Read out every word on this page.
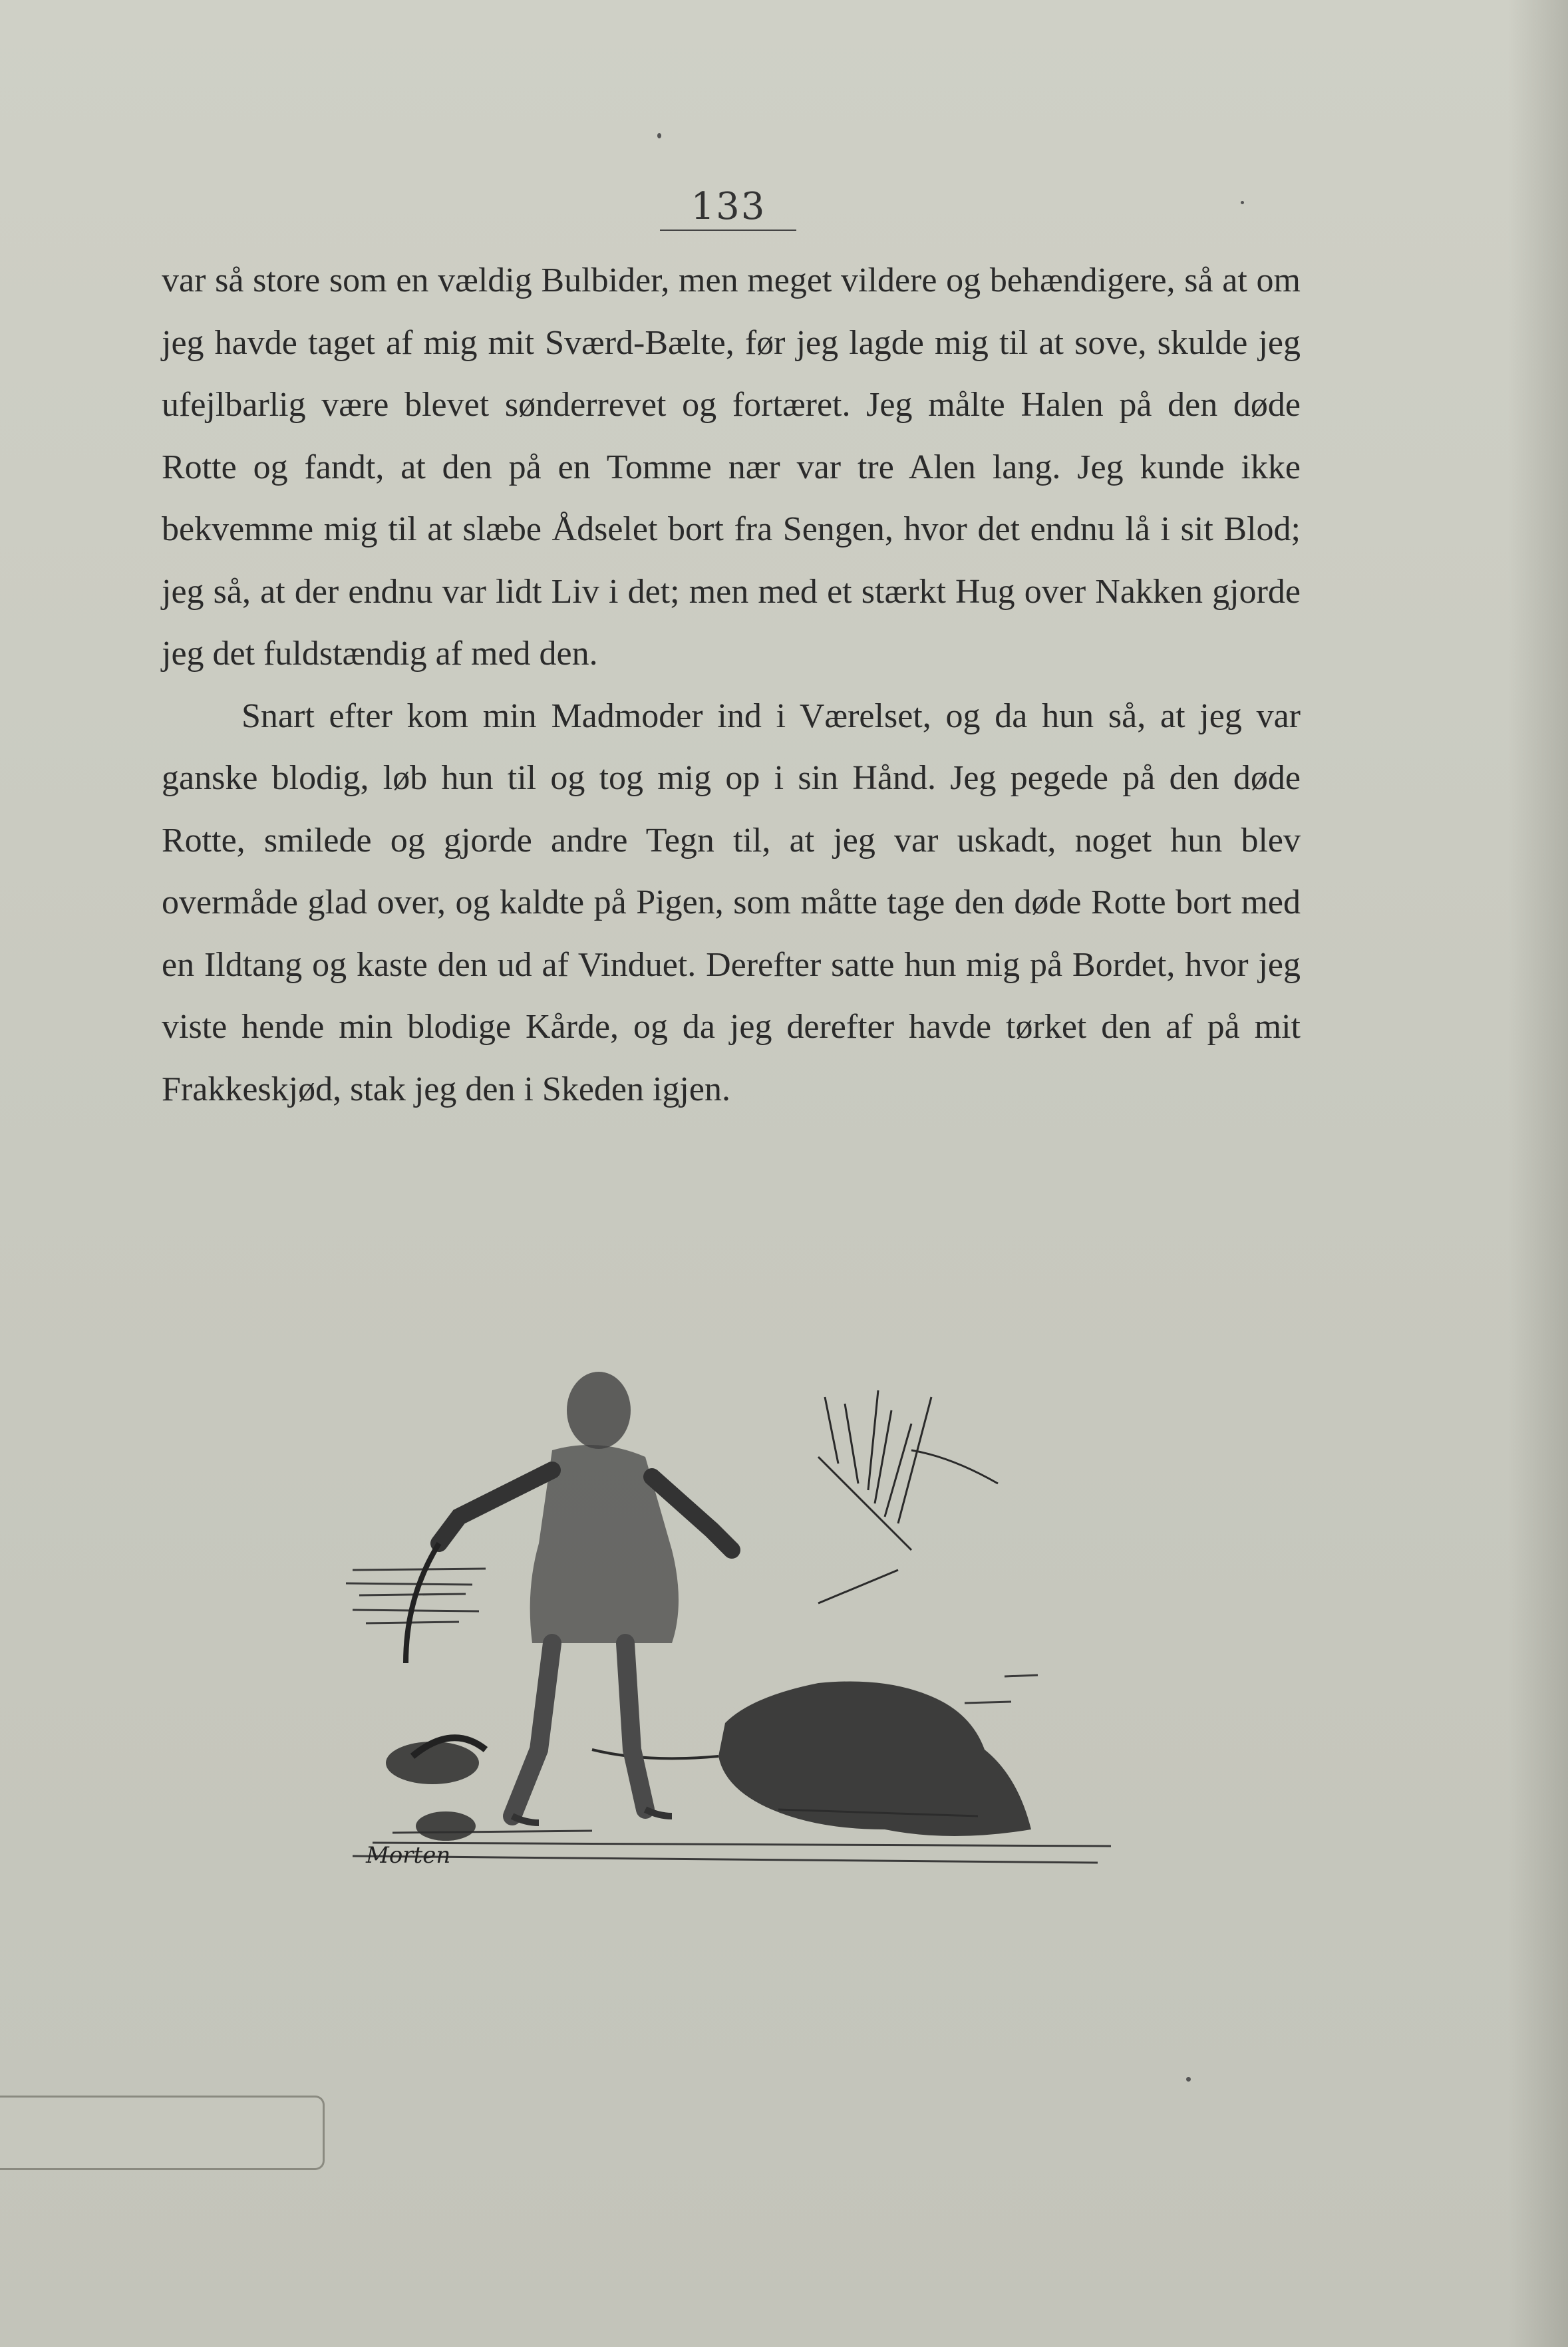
133

var så store som en vældig Bulbider, men meget vildere og behændigere, så at om jeg havde taget af mig mit Sværd-Bælte, før jeg lagde mig til at sove, skulde jeg ufejlbarlig være blevet sønderrevet og fortæret. Jeg målte Halen på den døde Rotte og fandt, at den på en Tomme nær var tre Alen lang. Jeg kunde ikke bekvemme mig til at slæbe Ådselet bort fra Sengen, hvor det endnu lå i sit Blod; jeg så, at der endnu var lidt Liv i det; men med et stærkt Hug over Nakken gjorde jeg det fuldstændig af med den.

Snart efter kom min Madmoder ind i Værelset, og da hun så, at jeg var ganske blodig, løb hun til og tog mig op i sin Hånd. Jeg pegede på den døde Rotte, smilede og gjorde andre Tegn til, at jeg var uskadt, noget hun blev overmåde glad over, og kaldte på Pigen, som måtte tage den døde Rotte bort med en Ildtang og kaste den ud af Vinduet. Derefter satte hun mig på Bordet, hvor jeg viste hende min blodige Kårde, og da jeg derefter havde tørket den af på mit Frakkeskjød, stak jeg den i Skeden igjen.

Morten
